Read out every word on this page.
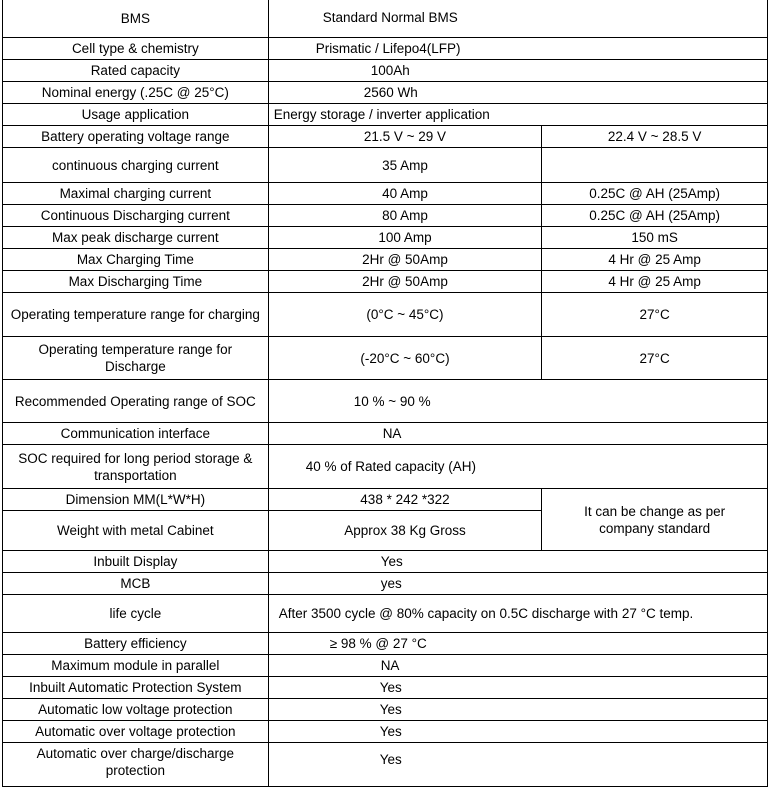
BMS	Standard Normal BMS	
Cell type & chemistry	Prismatic / Lifepo4(LFP)	
Rated capacity	100Ah	
Nominal energy (.25C @ 25°C)	2560 Wh	
Usage application	Energy storage / inverter application	
Battery operating voltage range	21.5 V ~ 29 V	22.4 V ~ 28.5 V
continuous charging current	35 Amp	
Maximal charging current	40 Amp	0.25C @ AH (25Amp)
Continuous Discharging current	80 Amp	0.25C @ AH (25Amp)
Max peak discharge current	100 Amp	150 mS
Max Charging Time	2Hr @ 50Amp	4 Hr @ 25 Amp
Max Discharging Time	2Hr @ 50Amp	4 Hr @ 25 Amp
Operating temperature range for charging	(0°C ~ 45°C)	27°C
Operating temperature range for Discharge	(-20°C ~ 60°C)	27°C
Recommended Operating range of SOC	10 % ~ 90 %	
Communication interface	NA	
SOC required for long period storage & transportation	40 % of Rated capacity (AH)	
Dimension MM(L*W*H)	438 * 242 *322	It can be change as per company standard
Weight with metal Cabinet	Approx 38 Kg Gross	
Inbuilt Display	Yes	
MCB	yes	
life cycle	After 3500 cycle @ 80% capacity on 0.5C discharge with 27 °C temp.	
Battery efficiency	≥ 98 % @ 27 °C	
Maximum module in parallel	NA	
Inbuilt Automatic Protection System	Yes	
Automatic low voltage protection	Yes	
Automatic over voltage protection	Yes	
Automatic over charge/discharge protection	Yes	
